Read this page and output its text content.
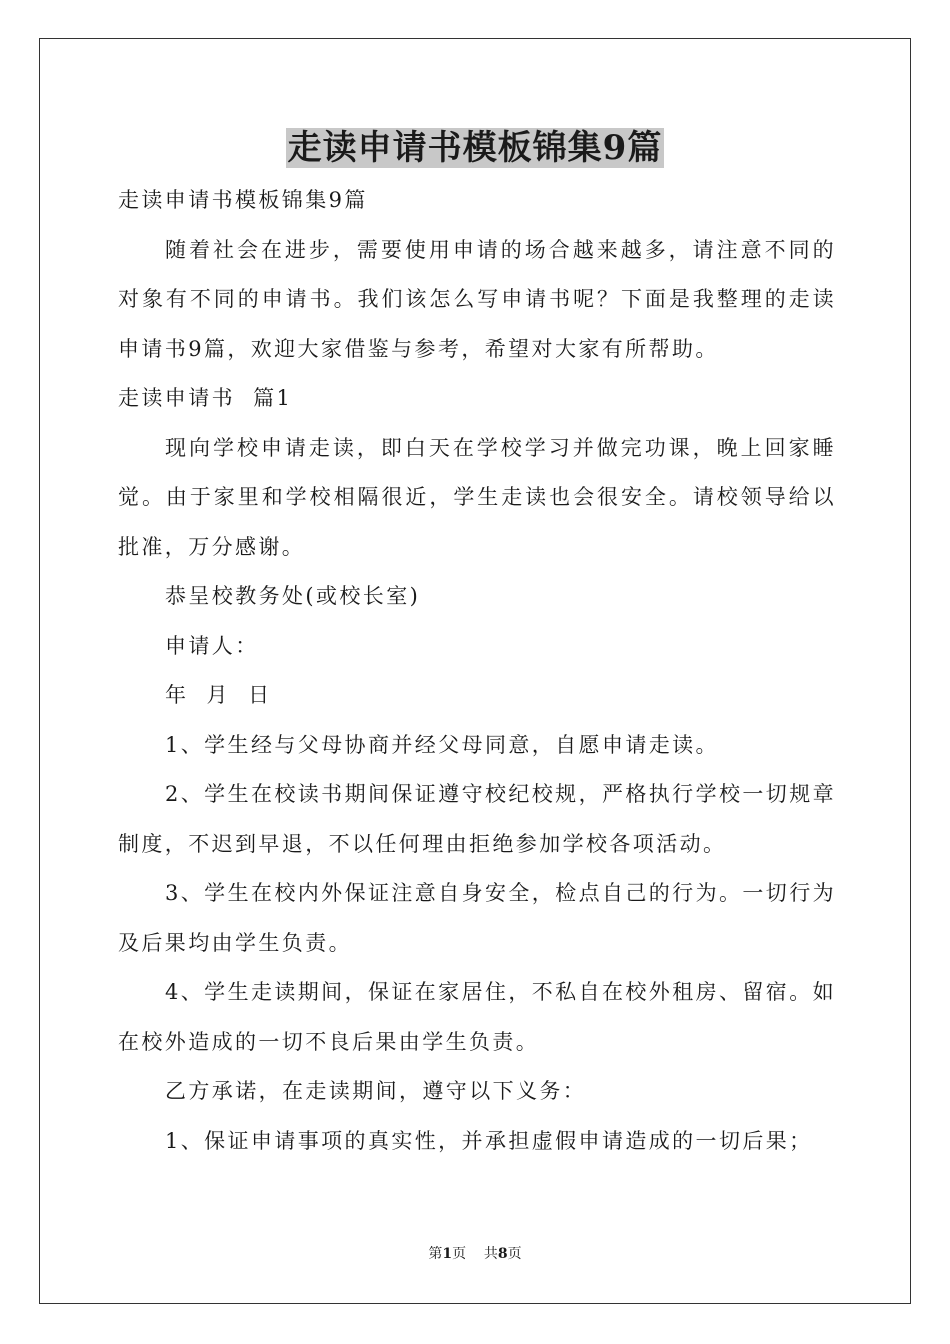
走读申请书模板锦集9篇

走读申请书模板锦集9篇

随着社会在进步，需要使用申请的场合越来越多，请注意不同的对象有不同的申请书。我们该怎么写申请书呢？下面是我整理的走读申请书9篇，欢迎大家借鉴与参考，希望对大家有所帮助。

走读申请书  篇1

现向学校申请走读，即白天在学校学习并做完功课，晚上回家睡觉。由于家里和学校相隔很近，学生走读也会很安全。请校领导给以批准，万分感谢。

恭呈校教务处(或校长室)

申请人：

年  月  日

1、学生经与父母协商并经父母同意，自愿申请走读。

2、学生在校读书期间保证遵守校纪校规，严格执行学校一切规章制度，不迟到早退，不以任何理由拒绝参加学校各项活动。

3、学生在校内外保证注意自身安全，检点自己的行为。一切行为及后果均由学生负责。

4、学生走读期间，保证在家居住，不私自在校外租房、留宿。如在校外造成的一切不良后果由学生负责。

乙方承诺，在走读期间，遵守以下义务：

1、保证申请事项的真实性，并承担虚假申请造成的一切后果；

第1页 共8页
